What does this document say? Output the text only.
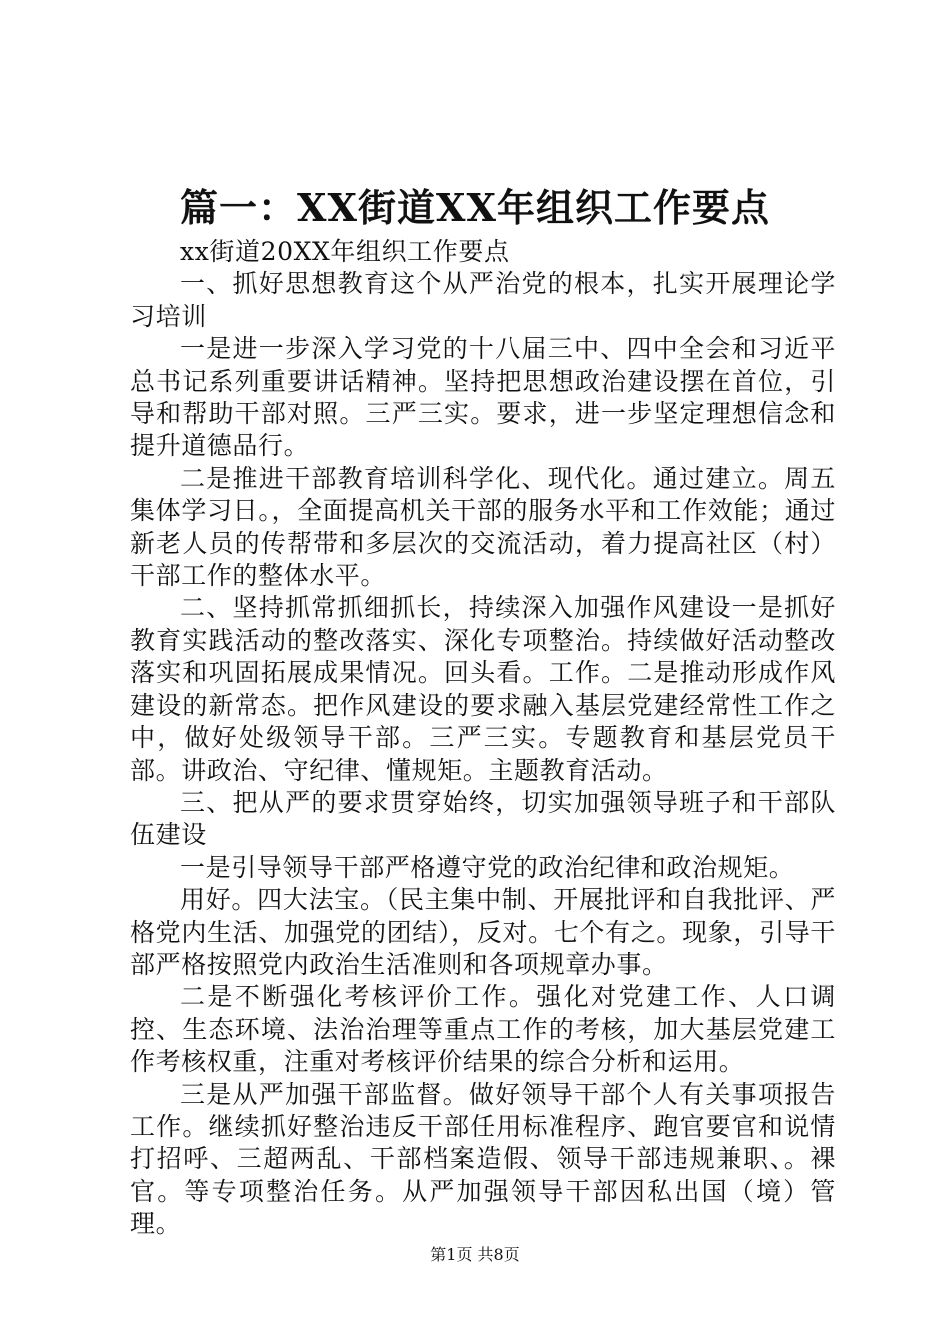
篇一：XX街道XX年组织工作要点

xx街道20XX年组织工作要点

一、抓好思想教育这个从严治党的根本，扎实开展理论学习培训

一是进一步深入学习党的十八届三中、四中全会和习近平总书记系列重要讲话精神。坚持把思想政治建设摆在首位，引导和帮助干部对照。三严三实。要求，进一步坚定理想信念和提升道德品行。

二是推进干部教育培训科学化、现代化。通过建立。周五集体学习日。，全面提高机关干部的服务水平和工作效能；通过新老人员的传帮带和多层次的交流活动，着力提高社区（村）干部工作的整体水平。

二、坚持抓常抓细抓长，持续深入加强作风建设一是抓好教育实践活动的整改落实、深化专项整治。持续做好活动整改落实和巩固拓展成果情况。回头看。工作。二是推动形成作风建设的新常态。把作风建设的要求融入基层党建经常性工作之中，做好处级领导干部。三严三实。专题教育和基层党员干部。讲政治、守纪律、懂规矩。主题教育活动。

三、把从严的要求贯穿始终，切实加强领导班子和干部队伍建设

一是引导领导干部严格遵守党的政治纪律和政治规矩。

用好。四大法宝。（民主集中制、开展批评和自我批评、严格党内生活、加强党的团结），反对。七个有之。现象，引导干部严格按照党内政治生活准则和各项规章办事。

二是不断强化考核评价工作。强化对党建工作、人口调控、生态环境、法治治理等重点工作的考核，加大基层党建工作考核权重，注重对考核评价结果的综合分析和运用。

三是从严加强干部监督。做好领导干部个人有关事项报告工作。继续抓好整治违反干部任用标准程序、跑官要官和说情打招呼、三超两乱、干部档案造假、领导干部违规兼职、。裸官。等专项整治任务。从严加强领导干部因私出国（境）管理。

第1页 共8页
